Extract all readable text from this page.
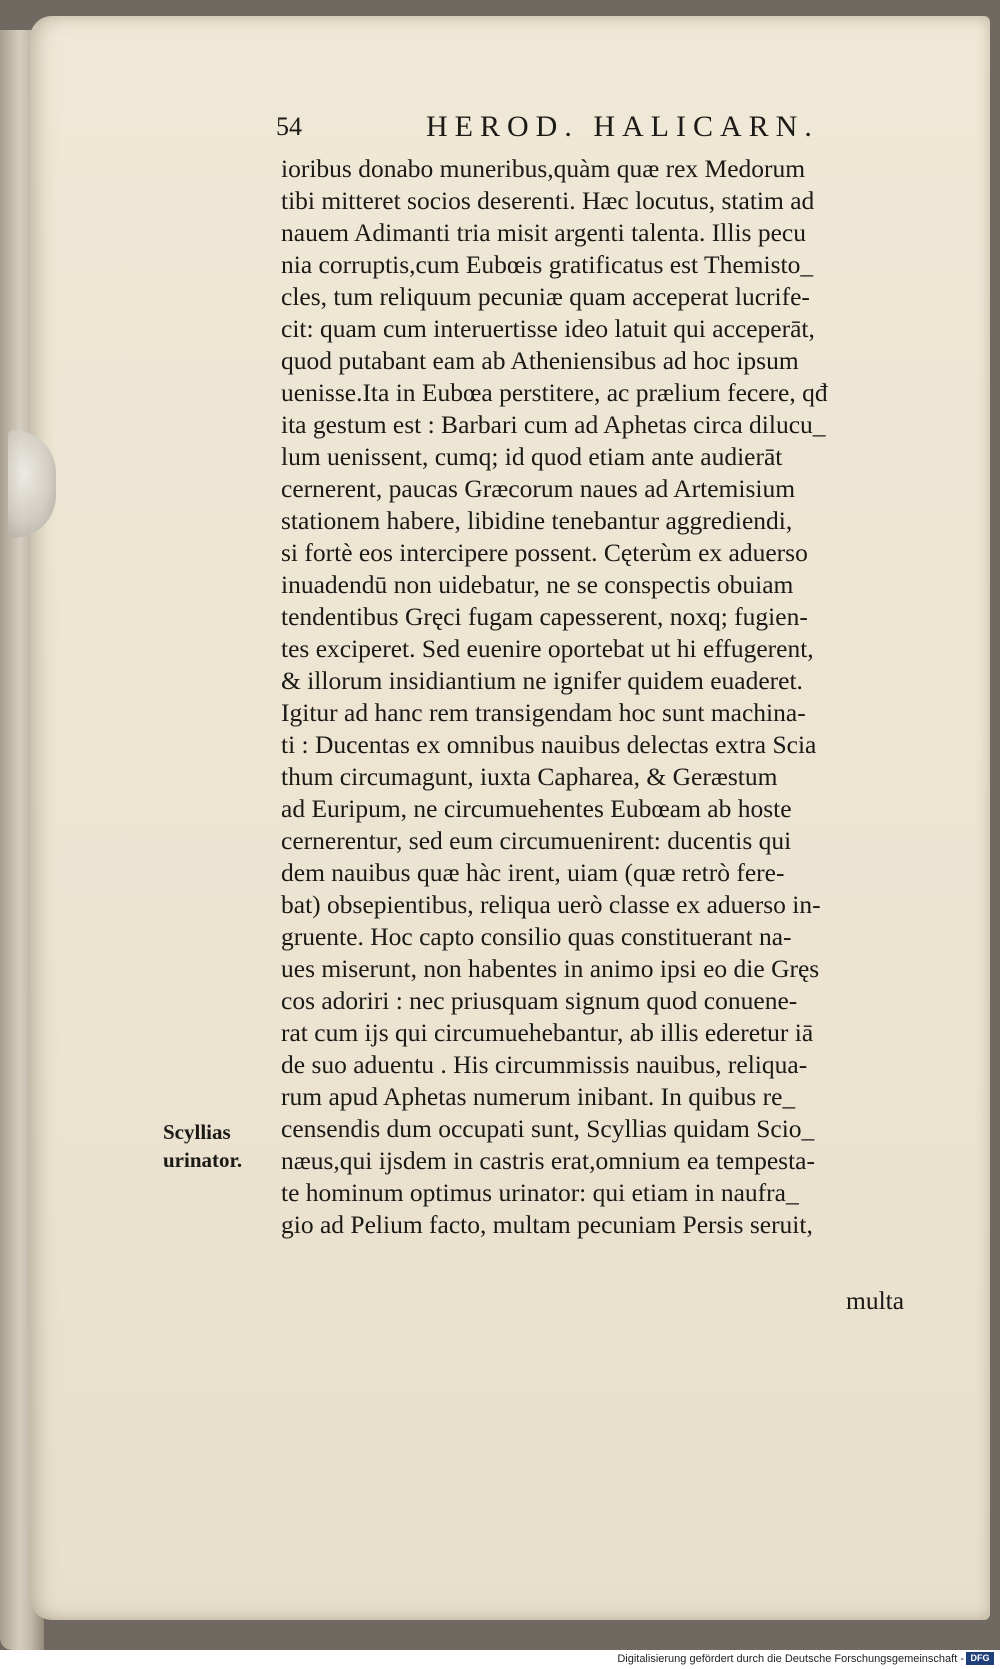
54	HEROD. HALICARN.
ioribus donabo muneribus,quàm quæ rex Medorum
tibi mitteret socios deserenti. Hæc locutus, statim ad
nauem Adimanti tria misit argenti talenta. Illis pecu
nia corruptis,cum Eubœis gratificatus est Themisto_
cles, tum reliquum pecuniæ quam acceperat lucrife-
cit: quam cum interuertisse ideo latuit qui acceperāt,
quod putabant eam ab Atheniensibus ad hoc ipsum
uenisse.Ita in Eubœa perstitere, ac prælium fecere, qđ
ita gestum est : Barbari cum ad Aphetas circa dilucu_
lum uenissent, cumq; id quod etiam ante audierāt
cernerent, paucas Græcorum naues ad Artemisium
stationem habere, libidine tenebantur aggrediendi,
si fortè eos intercipere possent. Cęterùm ex aduerso
inuadendū non uidebatur, ne se conspectis obuiam
tendentibus Gręci fugam capesserent, noxq; fugien-
tes exciperet. Sed euenire oportebat ut hi effugerent,
& illorum insidiantium ne ignifer quidem euaderet.
Igitur ad hanc rem transigendam hoc sunt machina-
ti : Ducentas ex omnibus nauibus delectas extra Scia
thum circumagunt, iuxta Capharea, & Geræstum
ad Euripum, ne circumuehentes Eubœam ab hoste
cernerentur, sed eum circumuenirent: ducentis qui
dem nauibus quæ hàc irent, uiam (quæ retrò fere-
bat) obsepientibus, reliqua uerò classe ex aduerso in-
gruente. Hoc capto consilio quas constituerant na-
ues miserunt, non habentes in animo ipsi eo die Gręs
cos adoriri : nec priusquam signum quod conuene-
rat cum ijs qui circumuehebantur, ab illis ederetur iā
de suo aduentu . His circummissis nauibus, reliqua-
rum apud Aphetas numerum inibant. In quibus re_
censendis dum occupati sunt, Scyllias quidam Scio_
næus,qui ijsdem in castris erat,omnium ea tempesta-
te hominum optimus urinator: qui etiam in naufra_
gio ad Pelium facto, multam pecuniam Persis seruit,
multa
Scyllias
urinator.
Digitalisierung gefördert durch die Deutsche Forschungsgemeinschaft - DFG
